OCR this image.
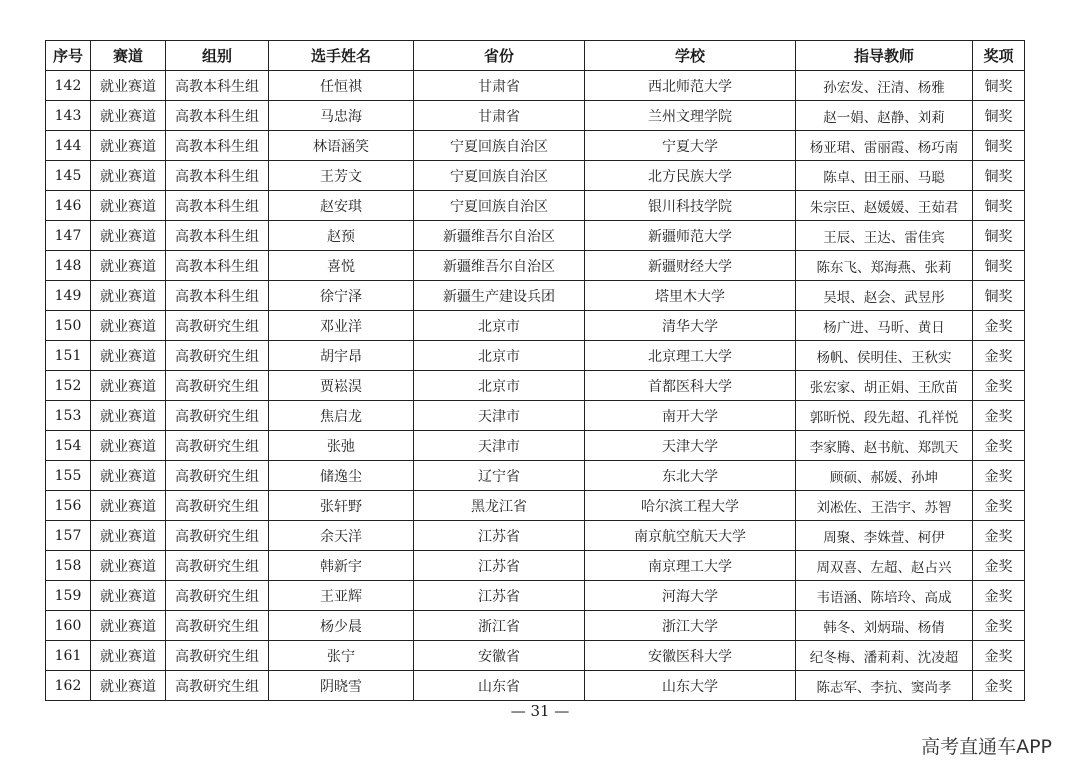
序号	赛道	组别	选手姓名	省份	学校	指导教师	奖项
142	就业赛道	高教本科生组	任恒祺	甘肃省	西北师范大学	孙宏发、汪清、杨雅	铜奖
143	就业赛道	高教本科生组	马忠海	甘肃省	兰州文理学院	赵一娟、赵静、刘莉	铜奖
144	就业赛道	高教本科生组	林语涵笑	宁夏回族自治区	宁夏大学	杨亚珺、雷丽霞、杨巧南	铜奖
145	就业赛道	高教本科生组	王芳文	宁夏回族自治区	北方民族大学	陈卓、田王丽、马聪	铜奖
146	就业赛道	高教本科生组	赵安琪	宁夏回族自治区	银川科技学院	朱宗臣、赵媛媛、王茹君	铜奖
147	就业赛道	高教本科生组	赵预	新疆维吾尔自治区	新疆师范大学	王辰、王达、雷佳宾	铜奖
148	就业赛道	高教本科生组	喜悦	新疆维吾尔自治区	新疆财经大学	陈东飞、郑海燕、张莉	铜奖
149	就业赛道	高教本科生组	徐宁泽	新疆生产建设兵团	塔里木大学	吴垠、赵会、武昱彤	铜奖
150	就业赛道	高教研究生组	邓业洋	北京市	清华大学	杨广进、马昕、黄日	金奖
151	就业赛道	高教研究生组	胡宇昂	北京市	北京理工大学	杨帆、侯明佳、王秋实	金奖
152	就业赛道	高教研究生组	贾崧淏	北京市	首都医科大学	张宏家、胡正娟、王欣苗	金奖
153	就业赛道	高教研究生组	焦启龙	天津市	南开大学	郭昕悦、段先超、孔祥悦	金奖
154	就业赛道	高教研究生组	张弛	天津市	天津大学	李家腾、赵书航、郑凯天	金奖
155	就业赛道	高教研究生组	储逸尘	辽宁省	东北大学	顾硕、郝媛、孙坤	金奖
156	就业赛道	高教研究生组	张轩野	黑龙江省	哈尔滨工程大学	刘凇佐、王浩宇、苏智	金奖
157	就业赛道	高教研究生组	余天洋	江苏省	南京航空航天大学	周聚、李姝萱、柯伊	金奖
158	就业赛道	高教研究生组	韩新宇	江苏省	南京理工大学	周双喜、左超、赵占兴	金奖
159	就业赛道	高教研究生组	王亚辉	江苏省	河海大学	韦语涵、陈培玲、高成	金奖
160	就业赛道	高教研究生组	杨少晨	浙江省	浙江大学	韩冬、刘炳瑞、杨倩	金奖
161	就业赛道	高教研究生组	张宁	安徽省	安徽医科大学	纪冬梅、潘莉莉、沈凌超	金奖
162	就业赛道	高教研究生组	阴晓雪	山东省	山东大学	陈志军、李抗、窦尚孝	金奖
— 31 —
高考直通车APP
